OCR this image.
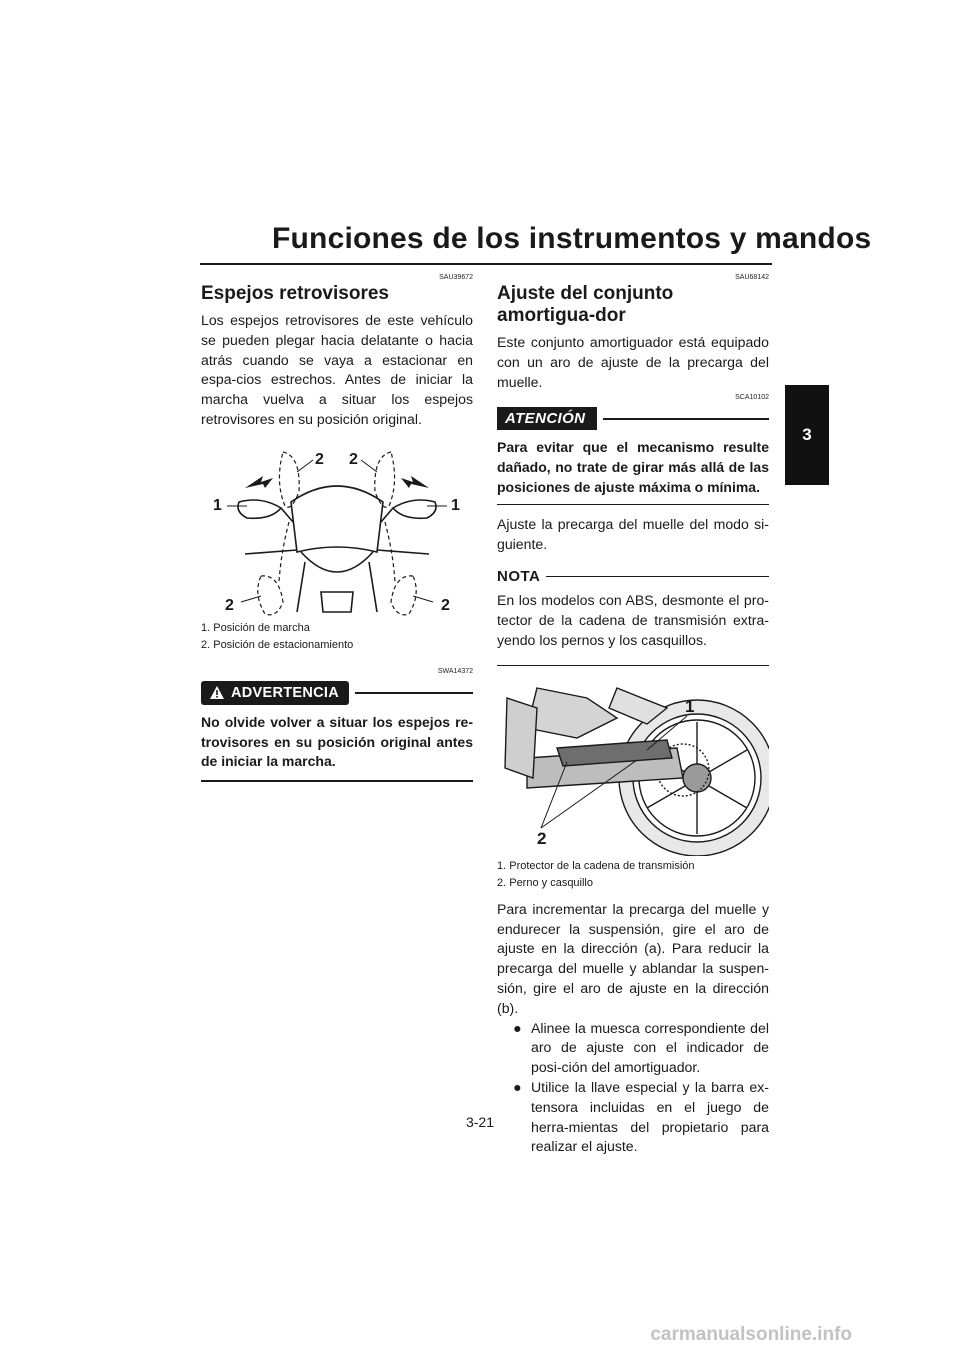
Funciones de los instrumentos y mandos
3
SAU39672
Espejos retrovisores

Los espejos retrovisores de este vehículo se pueden plegar hacia delatante o hacia atrás cuando se vaya a estacionar en espa-cios estrechos. Antes de iniciar la marcha vuelva a situar los espejos retrovisores en su posición original.

1
2 2
1
2	2
1. Posición de marcha
2. Posición de estacionamiento
SWA14372
ADVERTENCIA

No olvide volver a situar los espejos re-trovisores en su posición original antes de iniciar la marcha.

SAU68142
Ajuste del conjunto amortigua-dor

Este conjunto amortiguador está equipado con un aro de ajuste de la precarga del muelle.

SCA10102
ATENCIÓN

Para evitar que el mecanismo resulte dañado, no trate de girar más allá de las posiciones de ajuste máxima o mínima.

Ajuste la precarga del muelle del modo si-guiente.

NOTA

En los modelos con ABS, desmonte el pro-tector de la cadena de transmisión extra-yendo los pernos y los casquillos.

1
2
1. Protector de la cadena de transmisión
2. Perno y casquillo

Para incrementar la precarga del muelle y endurecer la suspensión, gire el aro de ajuste en la dirección (a). Para reducir la precarga del muelle y ablandar la suspen-sión, gire el aro de ajuste en la dirección (b).

● Alinee la muesca correspondiente del aro de ajuste con el indicador de posi-ción del amortiguador.
● Utilice la llave especial y la barra ex-tensora incluidas en el juego de herra-mientas del propietario para realizar el ajuste.
3-21
carmanualsonline.info
